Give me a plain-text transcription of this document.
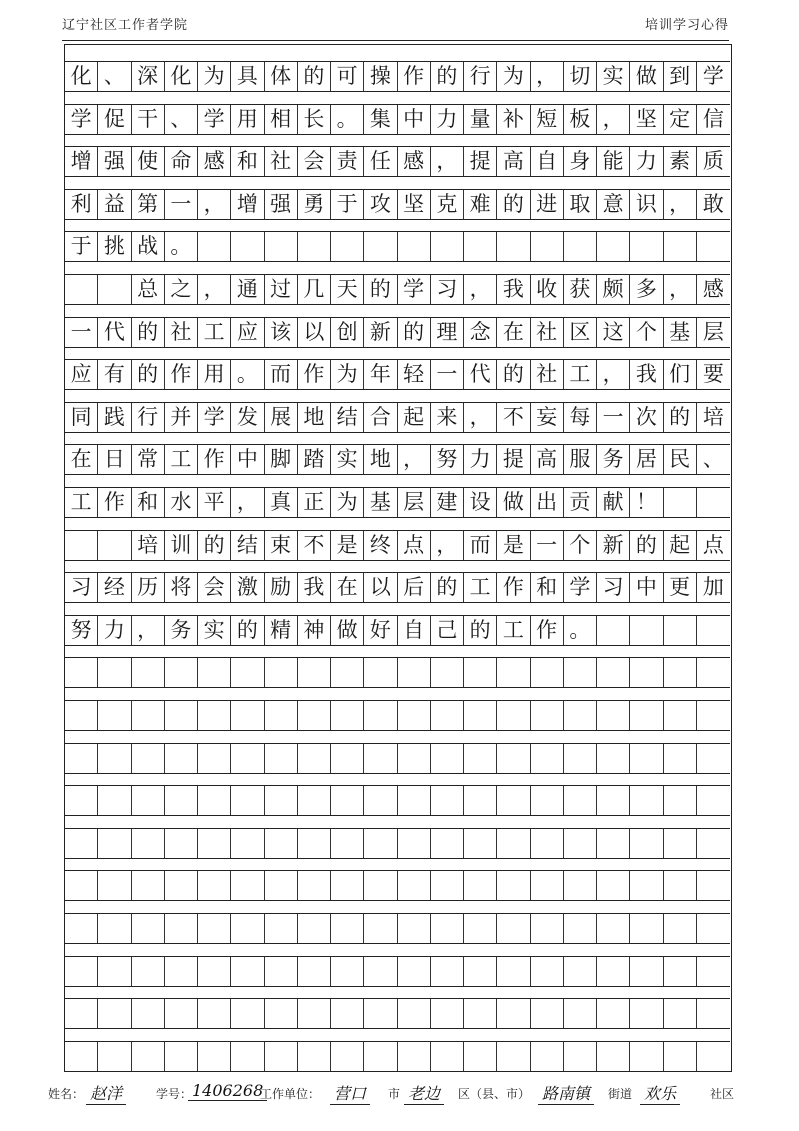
辽宁社区工作者学院	培训学习心得
化 、 深 化 为 具 体 的 可 操 作 的 行 为 ， 切 实 做 到 学
学 促 干 、 学 用 相 长 。 集 中 力 量 补 短 板 ， 坚 定 信
增 强 使 命 感 和 社 会 责 任 感 ， 提 高 自 身 能 力 素 质
利 益 第 一 ， 增 强 勇 于 攻 坚 克 难 的 进 取 意 识 ， 敢
于 挑 战 。
总 之 ， 通 过 几 天 的 学 习 ， 我 收 获 颇 多 ， 感
一 代 的 社 工 应 该 以 创 新 的 理 念 在 社 区 这 个 基 层
应 有 的 作 用 。 而 作 为 年 轻 一 代 的 社 工 ， 我 们 要
同 践 行 并 学 发 展 地 结 合 起 来 ， 不 妄 每 一 次 的 培
在 日 常 工 作 中 脚 踏 实 地 ， 努 力 提 高 服 务 居 民 、
工 作 和 水 平 ， 真 正 为 基 层 建 设 做 出 贡 献 ！
培 训 的 结 束 不 是 终 点 ， 而 是 一 个 新 的 起 点
习 经 历 将 会 激 励 我 在 以 后 的 工 作 和 学 习 中 更 加
努 力 ， 务 实 的 精 神 做 好 自 己 的 工 作 。
姓名： 赵洋	学号： 1406268
工作单位： 营口	市 老边	区（县、市） 路南镇	街道 欢乐	社区
